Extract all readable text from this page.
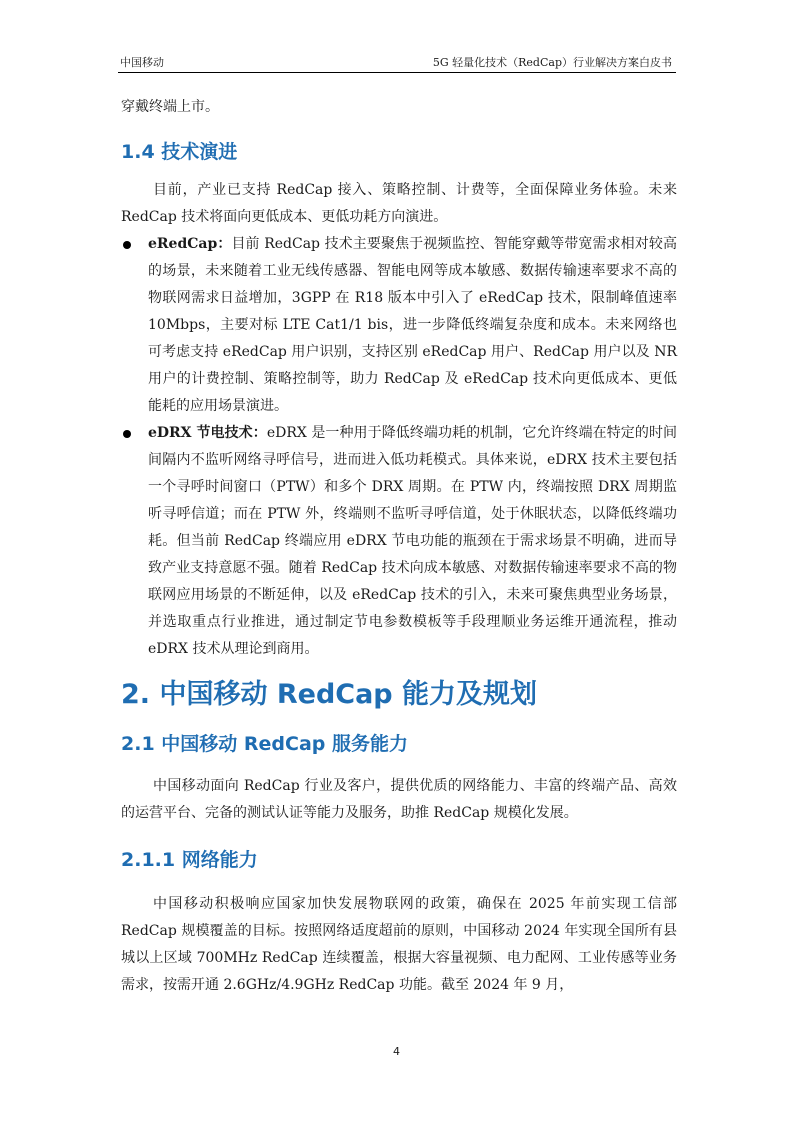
中国移动	5G 轻量化技术（RedCap）行业解决方案白皮书

穿戴终端上市。

1.4 技术演进

目前，产业已支持 RedCap 接入、策略控制、计费等，全面保障业务体验。未来 RedCap 技术将面向更低成本、更低功耗方向演进。

eRedCap：目前 RedCap 技术主要聚焦于视频监控、智能穿戴等带宽需求相对较高的场景，未来随着工业无线传感器、智能电网等成本敏感、数据传输速率要求不高的物联网需求日益增加，3GPP 在 R18 版本中引入了 eRedCap 技术，限制峰值速率 10Mbps，主要对标 LTE Cat1/1 bis，进一步降低终端复杂度和成本。未来网络也可考虑支持 eRedCap 用户识别，支持区别 eRedCap 用户、RedCap 用户以及 NR 用户的计费控制、策略控制等，助力 RedCap 及 eRedCap 技术向更低成本、更低能耗的应用场景演进。

eDRX 节电技术：eDRX 是一种用于降低终端功耗的机制，它允许终端在特定的时间间隔内不监听网络寻呼信号，进而进入低功耗模式。具体来说，eDRX 技术主要包括一个寻呼时间窗口（PTW）和多个 DRX 周期。在 PTW 内，终端按照 DRX 周期监听寻呼信道；而在 PTW 外，终端则不监听寻呼信道，处于休眠状态，以降低终端功耗。但当前 RedCap 终端应用 eDRX 节电功能的瓶颈在于需求场景不明确，进而导致产业支持意愿不强。随着 RedCap 技术向成本敏感、对数据传输速率要求不高的物联网应用场景的不断延伸，以及 eRedCap 技术的引入，未来可聚焦典型业务场景，并选取重点行业推进，通过制定节电参数模板等手段理顺业务运维开通流程，推动 eDRX 技术从理论到商用。

2. 中国移动 RedCap 能力及规划
2.1 中国移动 RedCap 服务能力

中国移动面向 RedCap 行业及客户，提供优质的网络能力、丰富的终端产品、高效的运营平台、完备的测试认证等能力及服务，助推 RedCap 规模化发展。

2.1.1 网络能力

中国移动积极响应国家加快发展物联网的政策，确保在 2025 年前实现工信部 RedCap 规模覆盖的目标。按照网络适度超前的原则，中国移动 2024 年实现全国所有县城以上区域 700MHz RedCap 连续覆盖，根据大容量视频、电力配网、工业传感等业务需求，按需开通 2.6GHz/4.9GHz RedCap 功能。截至 2024 年 9 月，

4
